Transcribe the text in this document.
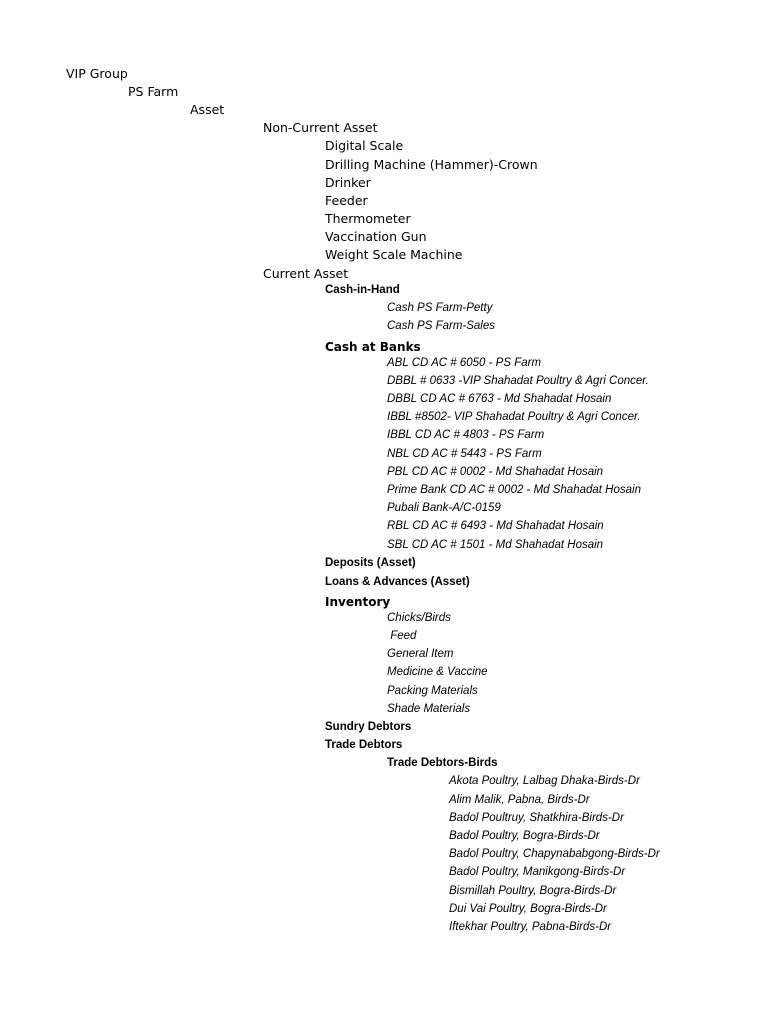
VIP Group
PS Farm
Asset
Non-Current Asset
Digital Scale
Drilling Machine (Hammer)-Crown
Drinker
Feeder
Thermometer
Vaccination Gun
Weight Scale Machine
Current Asset
Cash-in-Hand
Cash PS Farm-Petty
Cash PS Farm-Sales
Cash at Banks
ABL CD AC # 6050 - PS Farm
DBBL # 0633 -VIP Shahadat Poultry & Agri Concer.
DBBL CD AC # 6763 - Md Shahadat Hosain
IBBL #8502- VIP Shahadat Poultry & Agri Concer.
IBBL CD AC # 4803 - PS Farm
NBL CD AC # 5443 - PS Farm
PBL CD AC # 0002 - Md Shahadat Hosain
Prime Bank CD AC # 0002 - Md Shahadat Hosain
Pubali Bank-A/C-0159
RBL CD AC # 6493 - Md Shahadat Hosain
SBL CD AC # 1501 - Md Shahadat Hosain
Deposits (Asset)
Loans & Advances (Asset)
Inventory
Chicks/Birds
Feed
General Item
Medicine & Vaccine
Packing Materials
Shade Materials
Sundry Debtors
Trade Debtors
Trade Debtors-Birds
Akota Poultry, Lalbag Dhaka-Birds-Dr
Alim Malik, Pabna, Birds-Dr
Badol Poultruy, Shatkhira-Birds-Dr
Badol Poultry, Bogra-Birds-Dr
Badol Poultry, Chapynababgong-Birds-Dr
Badol Poultry, Manikgong-Birds-Dr
Bismillah Poultry, Bogra-Birds-Dr
Dui Vai Poultry, Bogra-Birds-Dr
Iftekhar Poultry, Pabna-Birds-Dr
